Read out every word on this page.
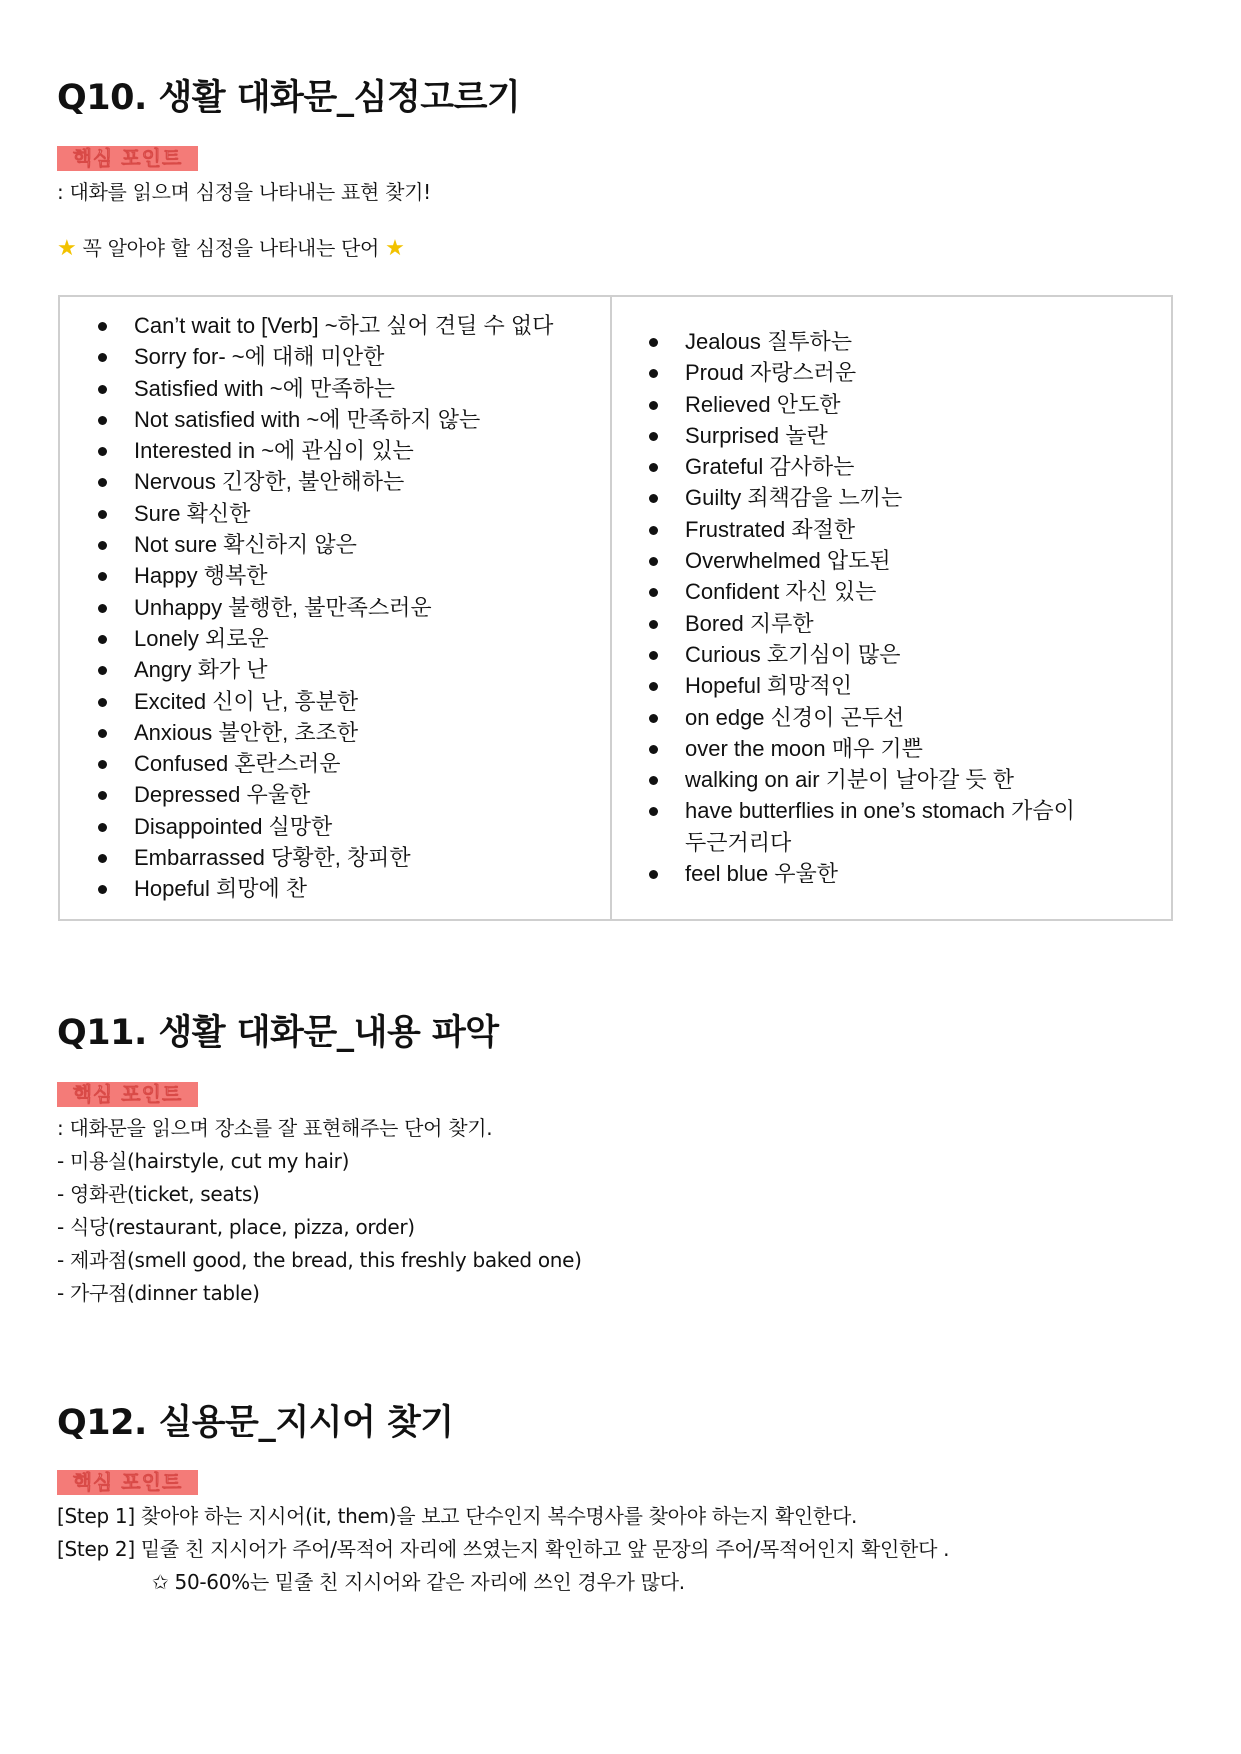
Q10. 생활 대화문_심정고르기
핵심 포인트
: 대화를 읽으며 심정을 나타내는 표현 찾기!
★ 꼭 알아야 할 심정을 나타내는 단어 ★
Can’t wait to [Verb] ~하고 싶어 견딜 수 없다
Sorry for- ~에 대해 미안한
Satisfied with ~에 만족하는
Not satisfied with ~에 만족하지 않는
Interested in ~에 관심이 있는
Nervous 긴장한, 불안해하는
Sure 확신한
Not sure 확신하지 않은
Happy 행복한
Unhappy 불행한, 불만족스러운
Lonely 외로운
Angry 화가 난
Excited 신이 난, 흥분한
Anxious 불안한, 초조한
Confused 혼란스러운
Depressed 우울한
Disappointed 실망한
Embarrassed 당황한, 창피한
Hopeful 희망에 찬
Jealous 질투하는
Proud 자랑스러운
Relieved 안도한
Surprised 놀란
Grateful 감사하는
Guilty 죄책감을 느끼는
Frustrated 좌절한
Overwhelmed 압도된
Confident 자신 있는
Bored 지루한
Curious 호기심이 많은
Hopeful 희망적인
on edge 신경이 곤두선
over the moon 매우 기쁜
walking on air 기분이 날아갈 듯 한
have butterflies in one’s stomach 가슴이 두근거리다
feel blue 우울한
Q11. 생활 대화문_내용 파악
핵심 포인트
: 대화문을 읽으며 장소를 잘 표현해주는 단어 찾기.
- 미용실(hairstyle, cut my hair)
- 영화관(ticket, seats)
- 식당(restaurant, place, pizza, order)
- 제과점(smell good, the bread, this freshly baked one)
- 가구점(dinner table)
Q12. 실용문_지시어 찾기
핵심 포인트
[Step 1] 찾아야 하는 지시어(it, them)을 보고 단수인지 복수명사를 찾아야 하는지 확인한다.
[Step 2] 밑줄 친 지시어가 주어/목적어 자리에 쓰였는지 확인하고 앞 문장의 주어/목적어인지 확인한다 .
✩ 50-60%는 밑줄 친 지시어와 같은 자리에 쓰인 경우가 많다.
